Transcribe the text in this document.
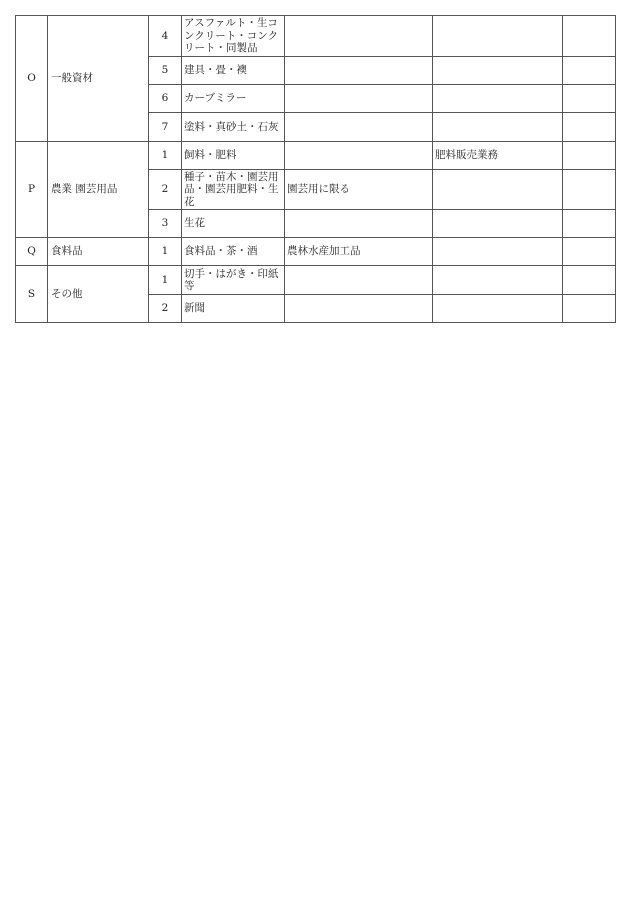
O	一般資材	4	アスファルト・生コンクリート・コンクリート・同製品			
		5	建具・畳・襖			
		6	カーブミラー			
		7	塗料・真砂土・石灰			
P	農業 園芸用品	1	飼料・肥料		肥料販売業務	
		2	種子・苗木・園芸用品・園芸用肥料・生花	園芸用に限る		
		3	生花			
Q	食料品	1	食料品・茶・酒	農林水産加工品		
S	その他	1	切手・はがき・印紙等			
		2	新聞			
